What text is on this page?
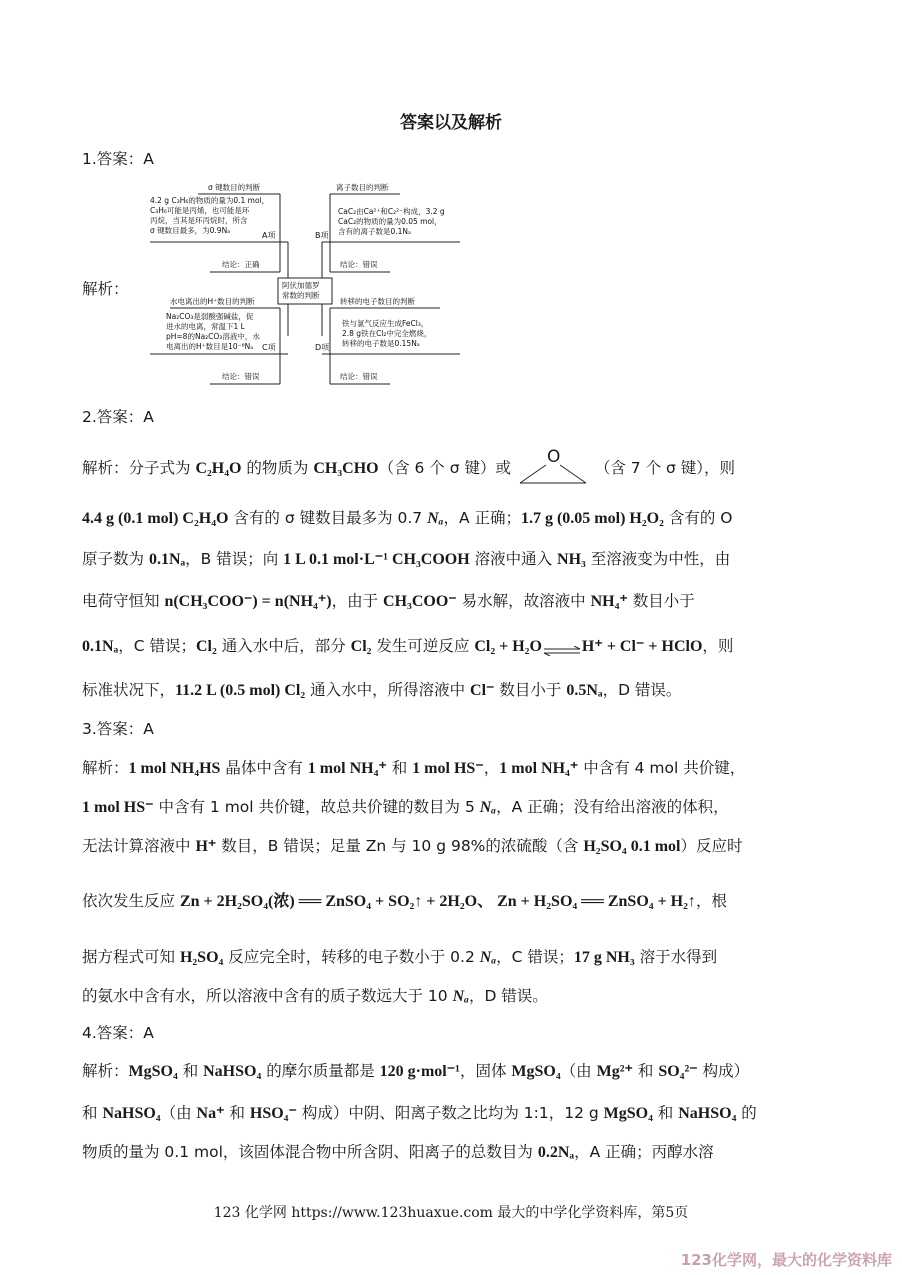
答案以及解析
1.答案：A
解析：
σ 键数目的判断
4.2 g C₃H₆的物质的量为0.1 mol，
C₃H₆可能是丙烯，也可能是环
丙烷，当其是环丙烷时，所含
σ 键数目最多，为0.9Nₐ
A项
结论：正确
离子数目的判断
CaC₂由Ca²⁺和C₂²⁻构成，3.2 g
CaC₂的物质的量为0.05 mol，
含有的离子数是0.1Nₐ
B项
结论：错误
阿伏加德罗
常数的判断
水电离出的H⁺数目的判断
Na₂CO₃是弱酸强碱盐，促
进水的电离，常温下1 L
pH=8的Na₂CO₃溶液中，水
电离出的H⁺数目是10⁻⁶Nₐ C项
结论：错误
转移的电子数目的判断
铁与氯气反应生成FeCl₃，
2.8 g铁在Cl₂中完全燃烧，
转移的电子数是0.15Nₐ
D项
结论：错误
2.答案：A
解析：分子式为 C₂H₄O 的物质为 CH₃CHO（含 6 个 σ 键）或
O
（含 7 个 σ 键），则
4.4 g (0.1 mol) C₂H₄O 含有的 σ 键数目最多为 0.7 Nₐ，A 正确；1.7 g (0.05 mol) H₂O₂ 含有的 O
原子数为 0.1Nₐ，B 错误；向 1 L 0.1 mol·L⁻¹ CH₃COOH 溶液中通入 NH₃ 至溶液变为中性，由
电荷守恒知 n(CH₃COO⁻) = n(NH₄⁺)，由于 CH₃COO⁻ 易水解，故溶液中 NH₄⁺ 数目小于
0.1Nₐ，C 错误；Cl₂ 通入水中后，部分 Cl₂ 发生可逆反应 Cl₂ + H₂O⇌H⁺ + Cl⁻ + HClO，则
标准状况下，11.2 L (0.5 mol) Cl₂ 通入水中，所得溶液中 Cl⁻ 数目小于 0.5Nₐ，D 错误。
3.答案：A
解析：1 mol NH₄HS 晶体中含有 1 mol NH₄⁺ 和 1 mol HS⁻，1 mol NH₄⁺ 中含有 4 mol 共价键，
1 mol HS⁻ 中含有 1 mol 共价键，故总共价键的数目为 5 Nₐ，A 正确；没有给出溶液的体积，
无法计算溶液中 H⁺ 数目，B 错误；足量 Zn 与 10 g 98%的浓硫酸（含 H₂SO₄ 0.1 mol）反应时
依次发生反应 Zn + 2H₂SO₄(浓) ══ ZnSO₄ + SO₂↑ + 2H₂O、 Zn + H₂SO₄ ══ ZnSO₄ + H₂↑，根
据方程式可知 H₂SO₄ 反应完全时，转移的电子数小于 0.2 Nₐ，C 错误；17 g NH₃ 溶于水得到
的氨水中含有水，所以溶液中含有的质子数远大于 10 Nₐ，D 错误。
4.答案：A
解析：MgSO₄ 和 NaHSO₄ 的摩尔质量都是 120 g·mol⁻¹，固体 MgSO₄（由 Mg²⁺ 和 SO₄²⁻ 构成）
和 NaHSO₄（由 Na⁺ 和 HSO₄⁻ 构成）中阴、阳离子数之比均为 1:1，12 g MgSO₄ 和 NaHSO₄ 的
物质的量为 0.1 mol，该固体混合物中所含阴、阳离子的总数目为 0.2Nₐ，A 正确；丙醇水溶
123 化学网 https://www.123huaxue.com 最大的中学化学资料库，第5页
123化学网，最大的化学资料库
